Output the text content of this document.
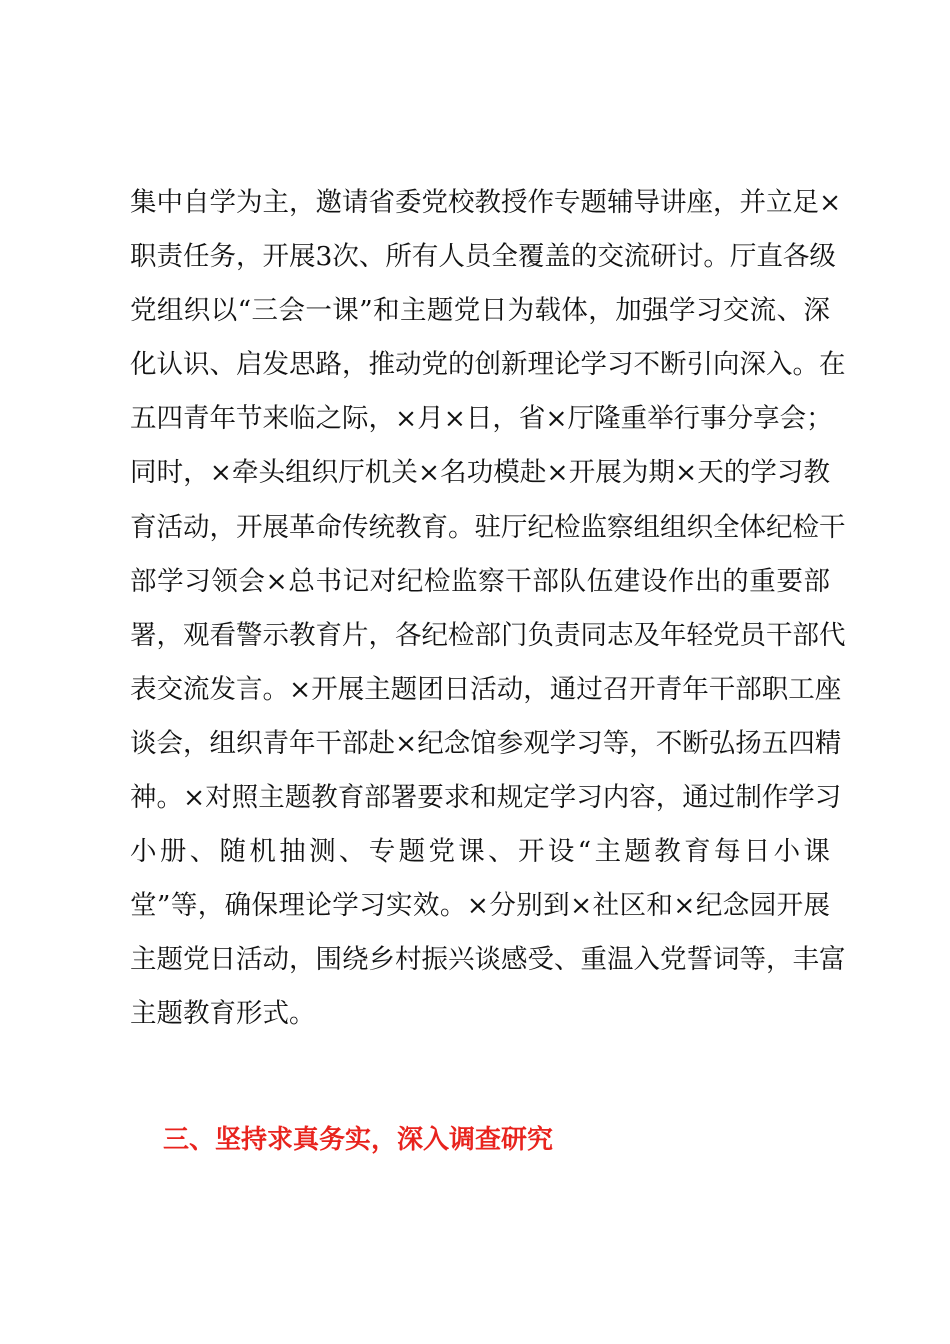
集中自学为主，邀请省委党校教授作专题辅导讲座，并立足×
职责任务，开展3次、所有人员全覆盖的交流研讨。厅直各级
党组织以“三会一课”和主题党日为载体，加强学习交流、深
化认识、启发思路，推动党的创新理论学习不断引向深入。在
五四青年节来临之际，×月×日，省×厅隆重举行事分享会；
同时，×牵头组织厅机关×名功模赴×开展为期×天的学习教
育活动，开展革命传统教育。驻厅纪检监察组组织全体纪检干
部学习领会×总书记对纪检监察干部队伍建设作出的重要部
署，观看警示教育片，各纪检部门负责同志及年轻党员干部代
表交流发言。×开展主题团日活动，通过召开青年干部职工座
谈会，组织青年干部赴×纪念馆参观学习等，不断弘扬五四精
神。×对照主题教育部署要求和规定学习内容，通过制作学习
小册、随机抽测、专题党课、开设“主题教育每日小课
堂”等，确保理论学习实效。×分别到×社区和×纪念园开展
主题党日活动，围绕乡村振兴谈感受、重温入党誓词等，丰富
主题教育形式。
三、坚持求真务实，深入调查研究
